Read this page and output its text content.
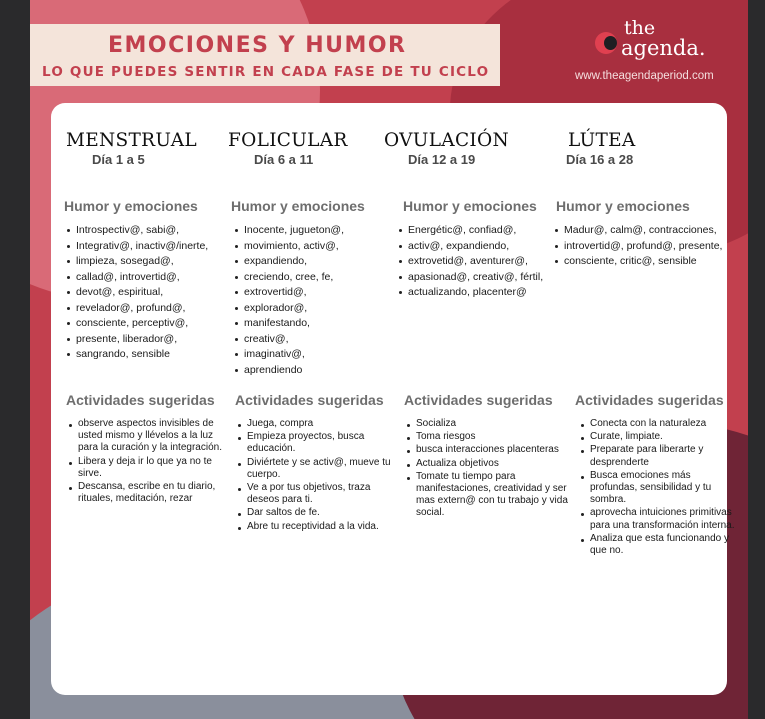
EMOCIONES Y HUMOR
LO QUE PUEDES SENTIR EN CADA FASE DE TU CICLO
the
agenda.
www.theagendaperiod.com
MENSTRUAL
Día 1 a 5
Humor y emociones
Introspectiv@, sabi@,
Integrativ@, inactiv@/inerte,
limpieza, sosegad@,
callad@, introvertid@,
devot@, espiritual,
revelador@, profund@,
consciente, perceptiv@,
presente, liberador@,
sangrando, sensible
Actividades sugeridas
observe aspectos invisibles de usted mismo y llévelos a la luz para la curación y la integración.
Libera y deja ir lo que ya no te sirve.
Descansa, escribe en tu diario, rituales, meditación, rezar
FOLICULAR
Día 6 a 11
Humor y emociones
Inocente, jugueton@,
movimiento, activ@,
expandiendo,
creciendo, cree, fe,
extrovertid@,
explorador@,
manifestando,
creativ@,
imaginativ@,
aprendiendo
Actividades sugeridas
Juega, compra
Empieza proyectos, busca educación.
Diviértete y se activ@, mueve tu cuerpo.
Ve a por tus objetivos, traza deseos para ti.
Dar saltos de fe.
Abre tu receptividad a la vida.
OVULACIÓN
Día 12 a 19
Humor y emociones
Energétic@, confiad@,
activ@, expandiendo,
extrovetid@, aventurer@,
apasionad@, creativ@, fértil,
actualizando, placenter@
Actividades sugeridas
Socializa
Toma riesgos
busca interacciones placenteras
Actualiza objetivos
Tomate tu tiempo para manifestaciones, creatividad y ser mas extern@ con tu trabajo y vida social.
LÚTEA
Día 16 a 28
Humor y emociones
Madur@, calm@, contracciones,
introvertid@, profund@, presente,
consciente, critic@, sensible
Actividades sugeridas
Conecta con la naturaleza
Curate, limpiate.
Preparate para liberarte y desprenderte
Busca emociones más profundas, sensibilidad y tu sombra.
aprovecha intuiciones primitivas para una transformación interna.
Analiza que esta funcionando y que no.
